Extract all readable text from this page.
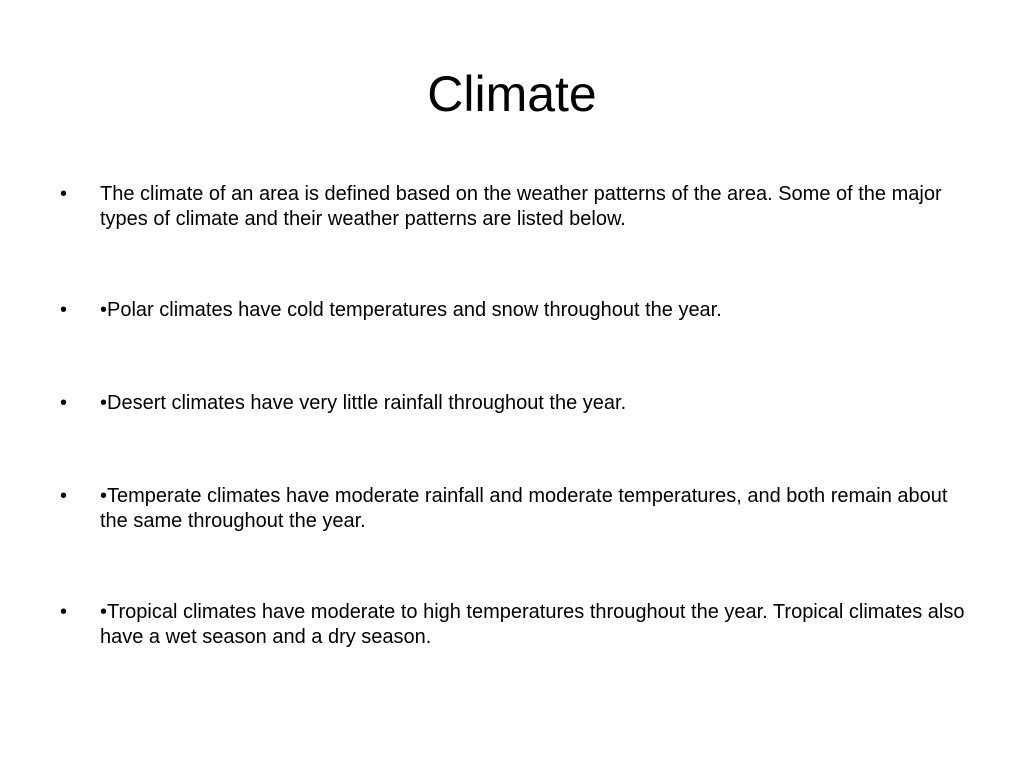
Climate
•	The climate of an area is defined based on the weather patterns of the area. Some of the major types of climate and their weather patterns are listed below.
•	•Polar climates have cold temperatures and snow throughout the year.
•	•Desert climates have very little rainfall throughout the year.
•	•Temperate climates have moderate rainfall and moderate temperatures, and both remain about the same throughout the year.
•	•Tropical climates have moderate to high temperatures throughout the year. Tropical climates also have a wet season and a dry season.
